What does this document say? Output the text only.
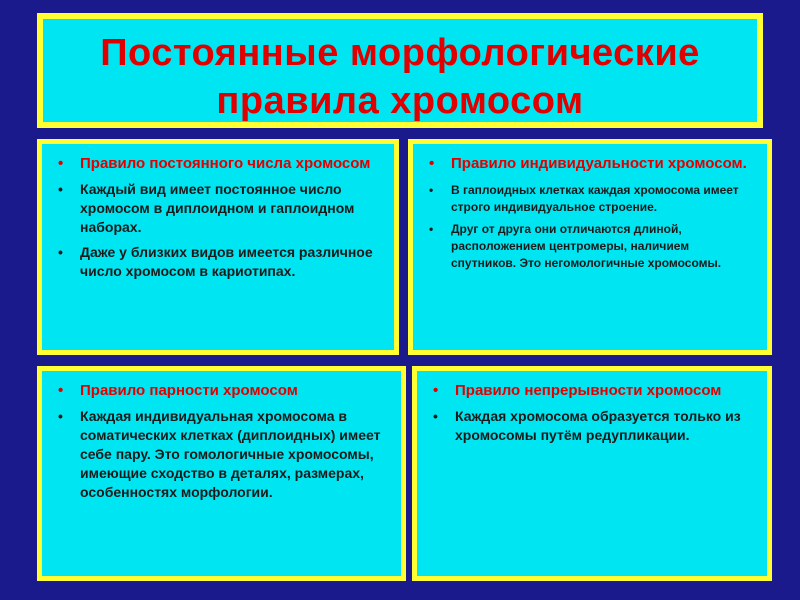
Постоянные морфологические
правила хромосом
• Правило постоянного числа хромосом
• Каждый вид имеет постоянное число хромосом в диплоидном и гаплоидном наборах.
• Даже у близких видов имеется различное число хромосом в кариотипах.
• Правило индивидуальности хромосом.
• В гаплоидных клетках каждая хромосома имеет строго индивидуальное строение.
• Друг от друга они отличаются длиной, расположением центромеры, наличием спутников. Это негомологичные хромосомы.
• Правило парности хромосом
• Каждая индивидуальная хромосома в соматических клетках (диплоидных) имеет себе пару. Это гомологичные хромосомы, имеющие сходство в деталях, размерах, особенностях морфологии.
• Правило непрерывности хромосом
• Каждая хромосома образуется только из хромосомы путём редупликации.
